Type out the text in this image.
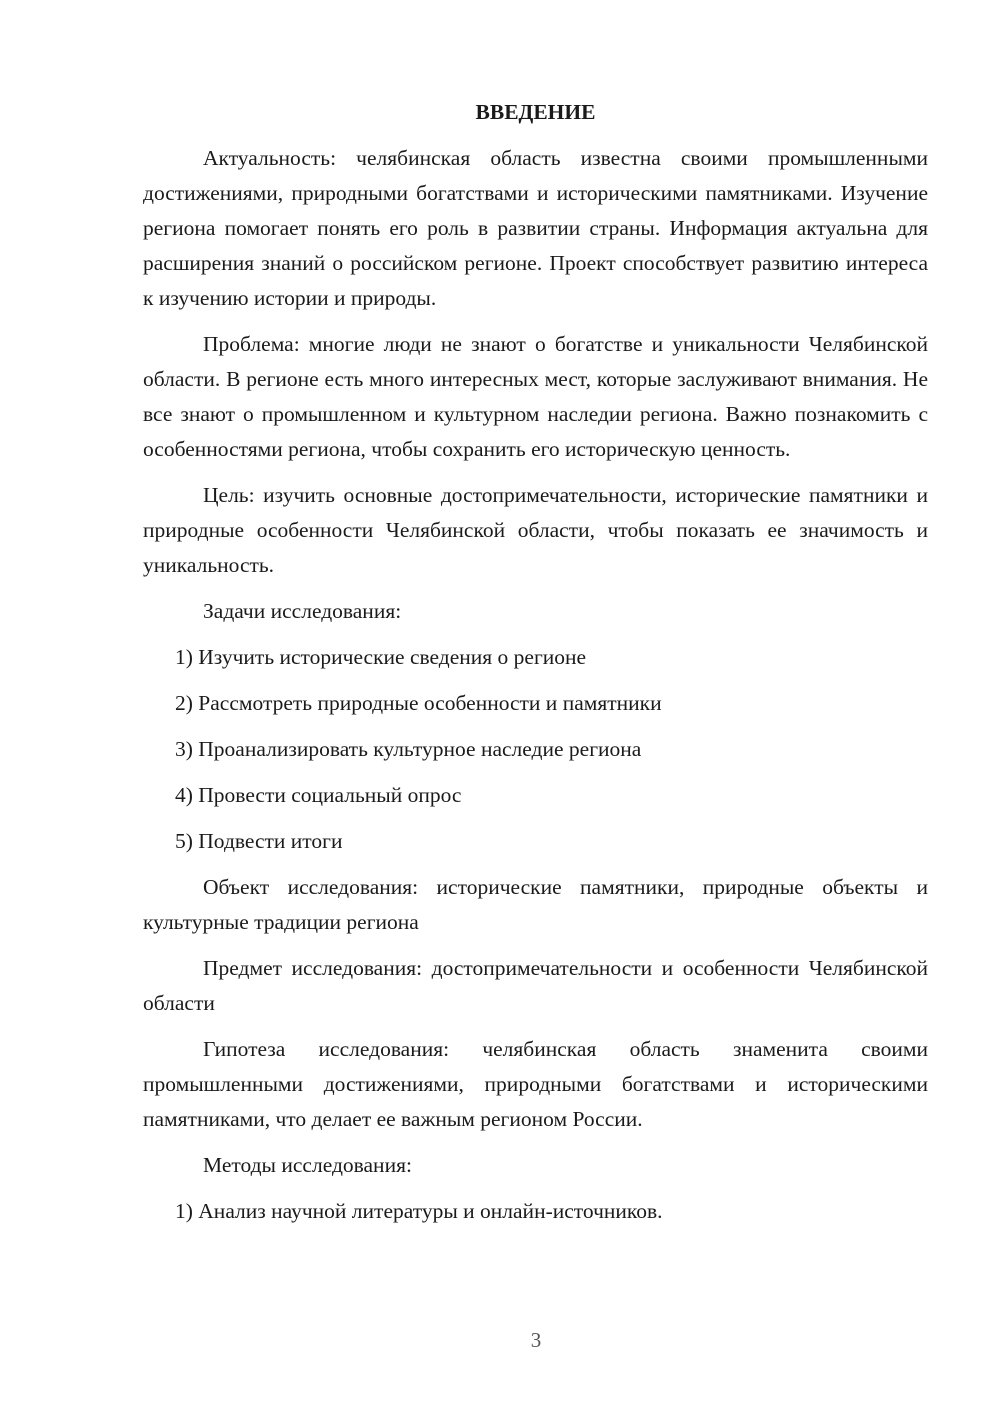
ВВЕДЕНИЕ

Актуальность: челябинская область известна своими промышленными достижениями, природными богатствами и историческими памятниками. Изучение региона помогает понять его роль в развитии страны. Информация актуальна для расширения знаний о российском регионе. Проект способствует развитию интереса к изучению истории и природы.

Проблема: многие люди не знают о богатстве и уникальности Челябинской области. В регионе есть много интересных мест, которые заслуживают внимания. Не все знают о промышленном и культурном наследии региона. Важно познакомить с особенностями региона, чтобы сохранить его историческую ценность.

Цель: изучить основные достопримечательности, исторические памятники и природные особенности Челябинской области, чтобы показать ее значимость и уникальность.

Задачи исследования:
1) Изучить исторические сведения о регионе
2) Рассмотреть природные особенности и памятники
3) Проанализировать культурное наследие региона
4) Провести социальный опрос
5) Подвести итоги

Объект исследования: исторические памятники, природные объекты и культурные традиции региона

Предмет исследования: достопримечательности и особенности Челябинской области

Гипотеза исследования: челябинская область знаменита своими промышленными достижениями, природными богатствами и историческими памятниками, что делает ее важным регионом России.

Методы исследования:
1) Анализ научной литературы и онлайн-источников.
3
